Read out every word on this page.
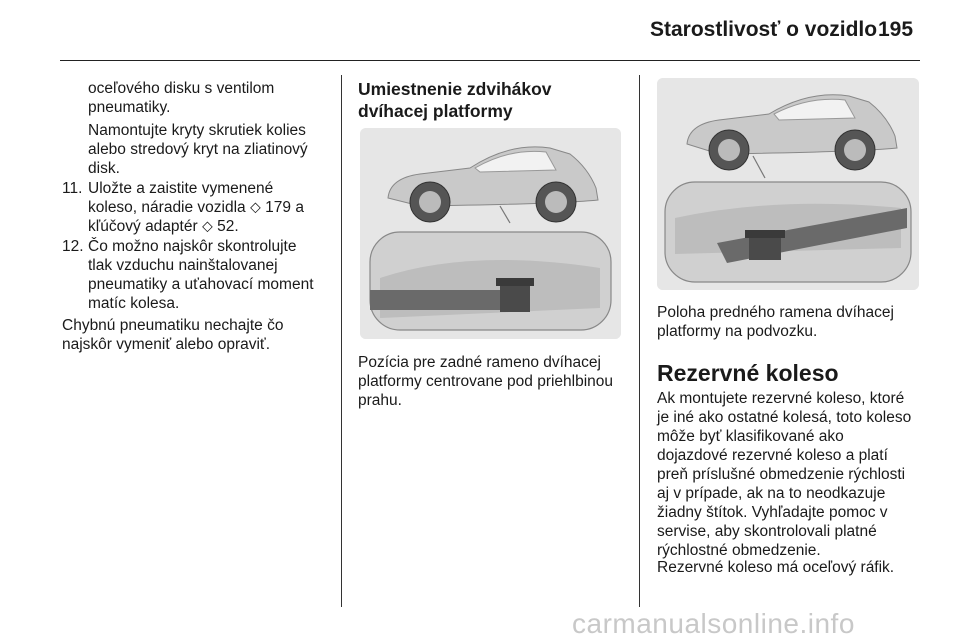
Starostlivosť o vozidlo 195
oceľového disku s ventilom
pneumatiky.
Namontujte kryty skrutiek kolies
alebo stredový kryt na zliatinový
disk.
11. Uložte a zaistite vymenené
koleso, náradie vozidla ⬦ 179 a
kľúčový adaptér ⬦ 52.
12. Čo možno najskôr skontrolujte
tlak vzduchu nainštalovanej
pneumatiky a uťahovací moment
matíc kolesa.
Chybnú pneumatiku nechajte čo
najskôr vymeniť alebo opraviť.
Umiestnenie zdvihákov
dvíhacej platformy
Pozícia pre zadné rameno dvíhacej
platformy centrovane pod priehlbinou
prahu.
Poloha predného ramena dvíhacej
platformy na podvozku.
Rezervné koleso
Ak montujete rezervné koleso, ktoré
je iné ako ostatné kolesá, toto koleso
môže byť klasifikované ako
dojazdové rezervné koleso a platí
preň príslušné obmedzenie rýchlosti
aj v prípade, ak na to neodkazuje
žiadny štítok. Vyhľadajte pomoc v
servise, aby skontrolovali platné
rýchlostné obmedzenie.
Rezervné koleso má oceľový ráfik.
carmanualsonline.info
